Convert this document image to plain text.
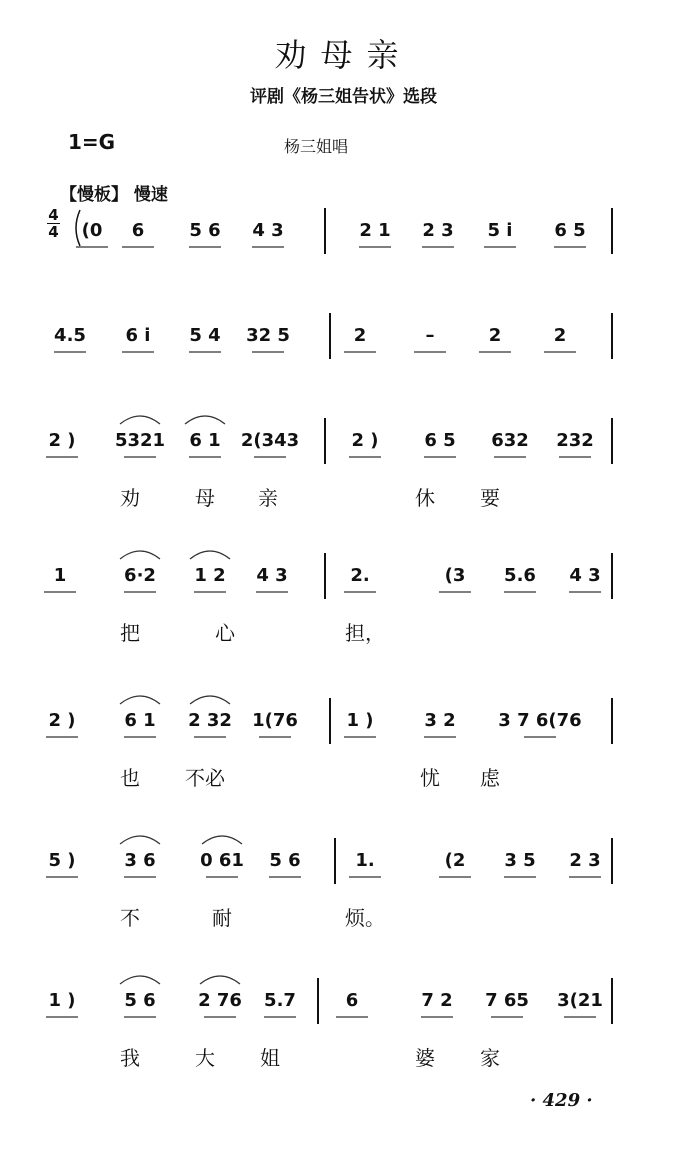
劝母亲
评剧《杨三姐告状》选段
1=G	杨三姐唱
【慢板】 慢速
4
4 (0 6	5 6 4 3	2 1 2 3 5 i 6 5
4.5 6 i 5 4 32 5	2	–	2	2
2 ) 5321 6 1 2(343	2 )	6 5 632 232
劝	母 亲	休 要
1	6·2 1 2 4 3	2.	(3 5.6 4 3
把	心	担，
2 )	6 1 2 32 1(76	1 )	3 2 3 7 6(76
也 不必	忧 虑
5 )	3 6 0 61 5 6	1.	(2 3 5 2 3
不	耐	烦。
1 )	5 6 2 76 5.7	6	7 2 7 65 3(21
我	大 姐	婆 家
· 429 ·
